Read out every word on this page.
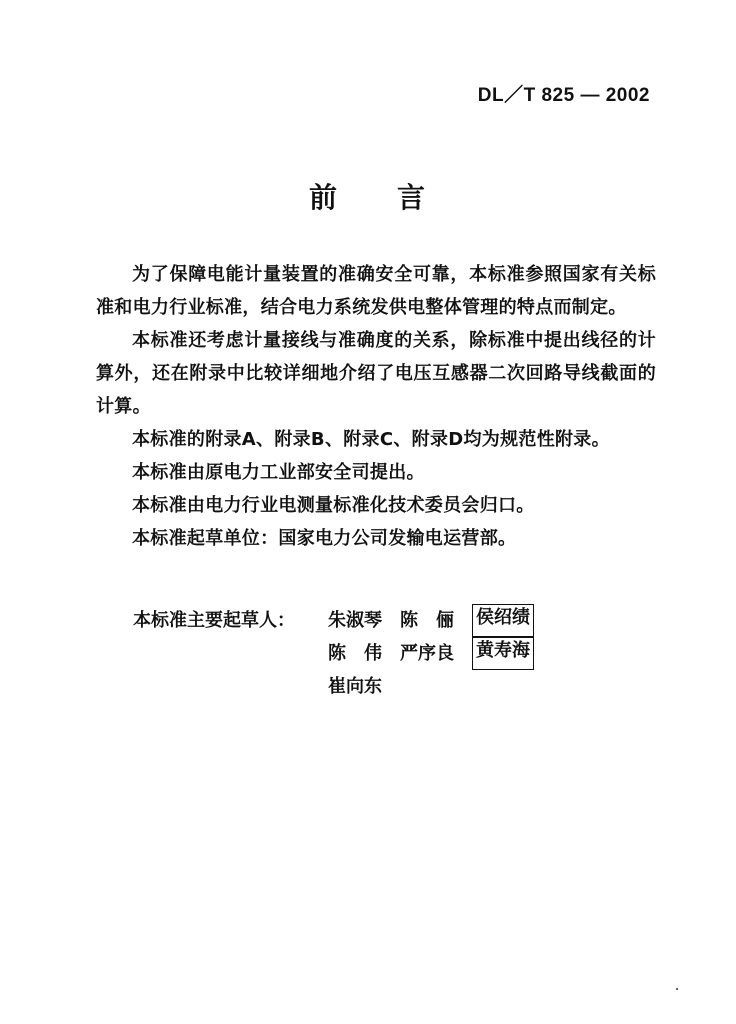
DL／T 825 — 2002
前 言

为了保障电能计量装置的准确安全可靠，本标准参照国家有关标准和电力行业标准，结合电力系统发供电整体管理的特点而制定。

本标准还考虑计量接线与准确度的关系，除标准中提出线径的计算外，还在附录中比较详细地介绍了电压互感器二次回路导线截面的计算。

本标准的附录A、附录B、附录C、附录D均为规范性附录。

本标准由原电力工业部安全司提出。

本标准由电力行业电测量标准化技术委员会归口。

本标准起草单位：国家电力公司发输电运营部。

本标准主要起草人：	朱淑琴 陈　俪 侯绍绩
陈　伟 严序良 黄寿海
崔向东
